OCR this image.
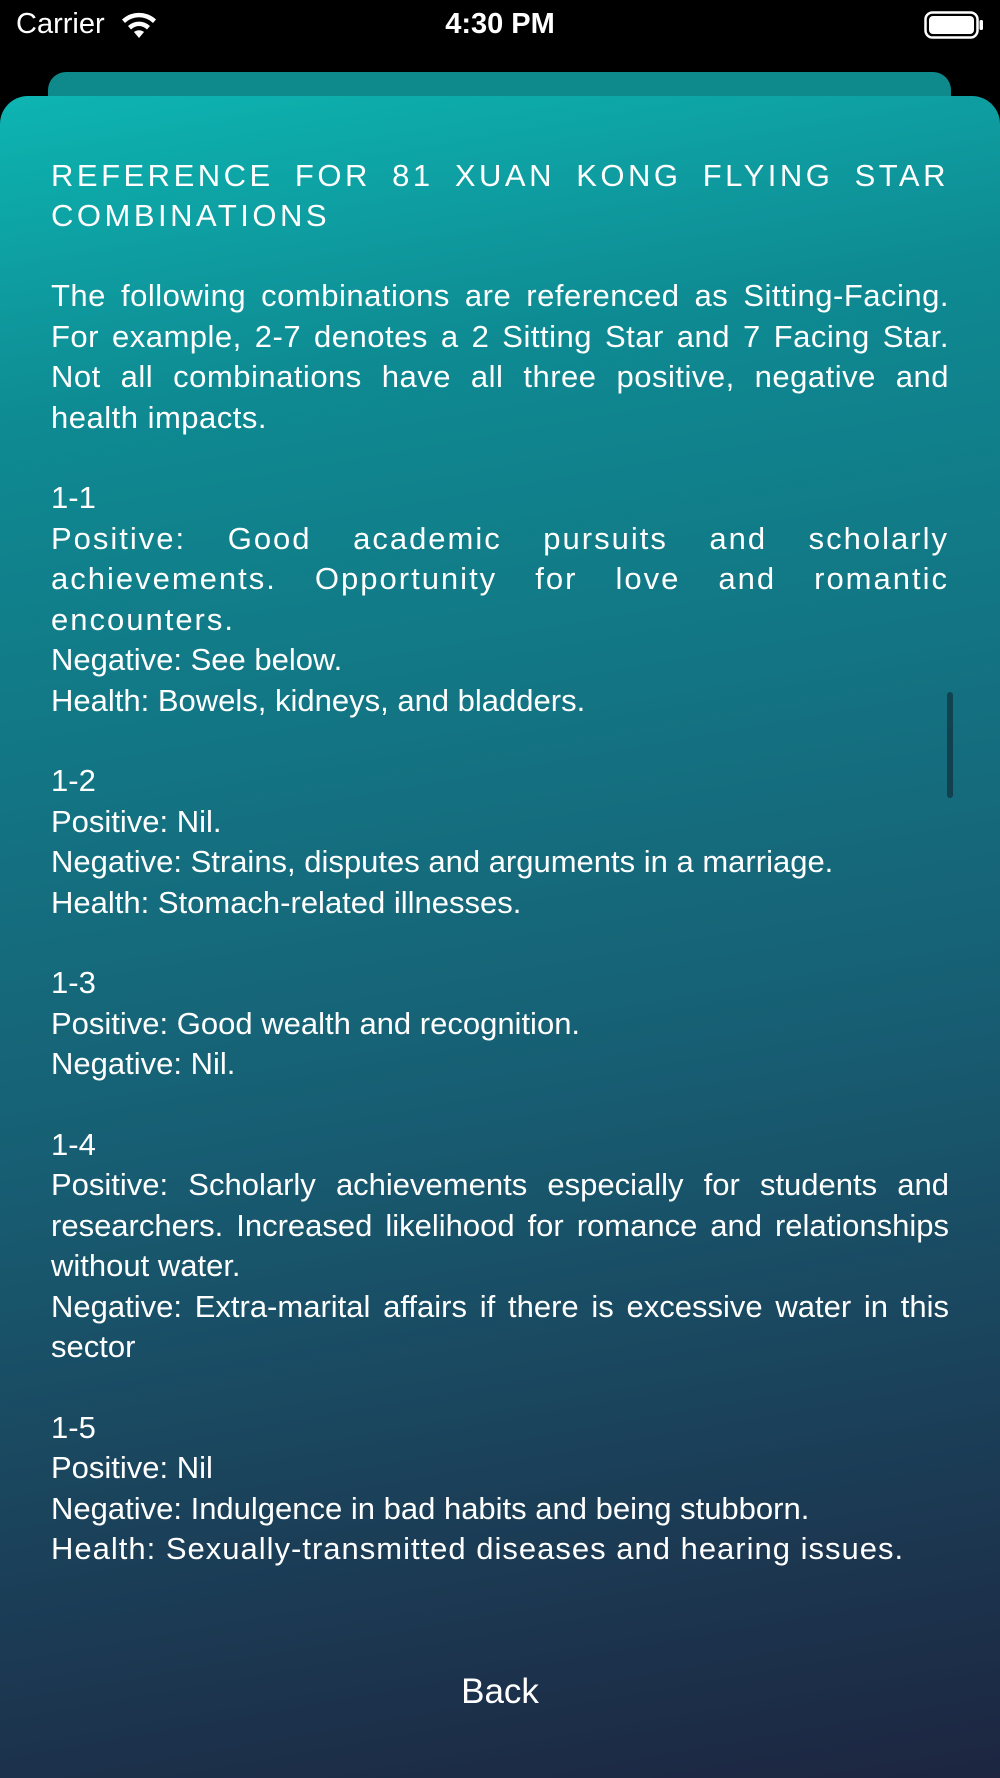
Carrier	4:30 PM
REFERENCE FOR 81 XUAN KONG FLYING STAR COMBINATIONS

The following combinations are referenced as Sitting-Facing. For example, 2-7 denotes a 2 Sitting Star and 7 Facing Star. Not all combinations have all three positive, negative and health impacts.

1-1
Positive: Good academic pursuits and scholarly achievements. Opportunity for love and romantic encounters.
Negative: See below.
Health: Bowels, kidneys, and bladders.
1-2
Positive: Nil.
Negative: Strains, disputes and arguments in a marriage.
Health: Stomach-related illnesses.
1-3
Positive: Good wealth and recognition.
Negative: Nil.
1-4
Positive: Scholarly achievements especially for students and researchers. Increased likelihood for romance and relationships without water.
Negative: Extra-marital affairs if there is excessive water in this sector
1-5
Positive: Nil
Negative: Indulgence in bad habits and being stubborn.
Health: Sexually-transmitted diseases and hearing issues.
Back
